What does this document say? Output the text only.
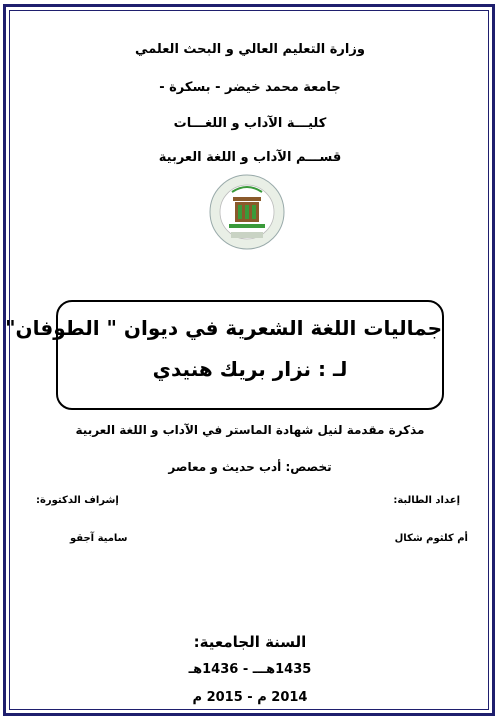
وزارة التعليم العالي و البحث العلمي
جامعة محمد خيضر - بسكرة -
كليـــة الآداب و اللغـــات
قســـم الآداب و اللغة العربية
جماليات اللغة الشعرية في ديوان " الطوفان"
لـ : نزار بريك هنيدي
مذكرة مقدمة لنيل شهادة الماستر في الآداب و اللغة العربية
تخصص: أدب حديث و معاصر
إعداد الطالبة:
أم كلثوم شكال
إشراف الدكتورة:
سامية آجقو
السنة الجامعية:
1435هـــ - 1436هـ
2014 م - 2015 م
